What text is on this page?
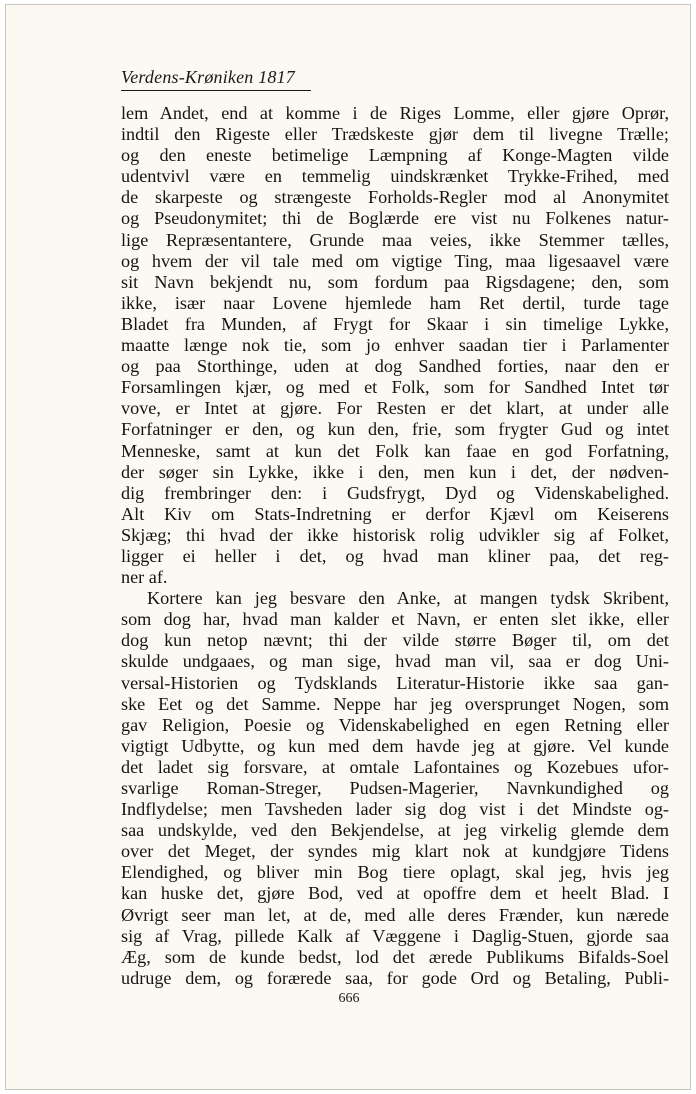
Verdens-Krøniken 1817
lem Andet, end at komme i de Riges Lomme, eller gjøre Oprør,
indtil den Rigeste eller Trædskeste gjør dem til livegne Trælle;
og den eneste betimelige Læmpning af Konge-Magten vilde
udentvivl være en temmelig uindskrænket Trykke-Frihed, med
de skarpeste og strængeste Forholds-Regler mod al Anonymitet
og Pseudonymitet; thi de Boglærde ere vist nu Folkenes natur-
lige Repræsentantere, Grunde maa veies, ikke Stemmer tælles,
og hvem der vil tale med om vigtige Ting, maa ligesaavel være
sit Navn bekjendt nu, som fordum paa Rigsdagene; den, som
ikke, især naar Lovene hjemlede ham Ret dertil, turde tage
Bladet fra Munden, af Frygt for Skaar i sin timelige Lykke,
maatte længe nok tie, som jo enhver saadan tier i Parlamenter
og paa Storthinge, uden at dog Sandhed forties, naar den er
Forsamlingen kjær, og med et Folk, som for Sandhed Intet tør
vove, er Intet at gjøre. For Resten er det klart, at under alle
Forfatninger er den, og kun den, frie, som frygter Gud og intet
Menneske, samt at kun det Folk kan faae en god Forfatning,
der søger sin Lykke, ikke i den, men kun i det, der nødven-
dig frembringer den: i Gudsfrygt, Dyd og Videnskabelighed.
Alt Kiv om Stats-Indretning er derfor Kjævl om Keiserens
Skjæg; thi hvad der ikke historisk rolig udvikler sig af Folket,
ligger ei heller i det, og hvad man kliner paa, det reg-
ner af.
Kortere kan jeg besvare den Anke, at mangen tydsk Skribent,
som dog har, hvad man kalder et Navn, er enten slet ikke, eller
dog kun netop nævnt; thi der vilde større Bøger til, om det
skulde undgaaes, og man sige, hvad man vil, saa er dog Uni-
versal-Historien og Tydsklands Literatur-Historie ikke saa gan-
ske Eet og det Samme. Neppe har jeg oversprunget Nogen, som
gav Religion, Poesie og Videnskabelighed en egen Retning eller
vigtigt Udbytte, og kun med dem havde jeg at gjøre. Vel kunde
det ladet sig forsvare, at omtale Lafontaines og Kozebues ufor-
svarlige Roman-Streger, Pudsen-Magerier, Navnkundighed og
Indflydelse; men Tavsheden lader sig dog vist i det Mindste og-
saa undskylde, ved den Bekjendelse, at jeg virkelig glemde dem
over det Meget, der syndes mig klart nok at kundgjøre Tidens
Elendighed, og bliver min Bog tiere oplagt, skal jeg, hvis jeg
kan huske det, gjøre Bod, ved at opoffre dem et heelt Blad. I
Øvrigt seer man let, at de, med alle deres Frænder, kun nærede
sig af Vrag, pillede Kalk af Væggene i Daglig-Stuen, gjorde saa
Æg, som de kunde bedst, lod det ærede Publikums Bifalds-Soel
udruge dem, og forærede saa, for gode Ord og Betaling, Publi-
666
